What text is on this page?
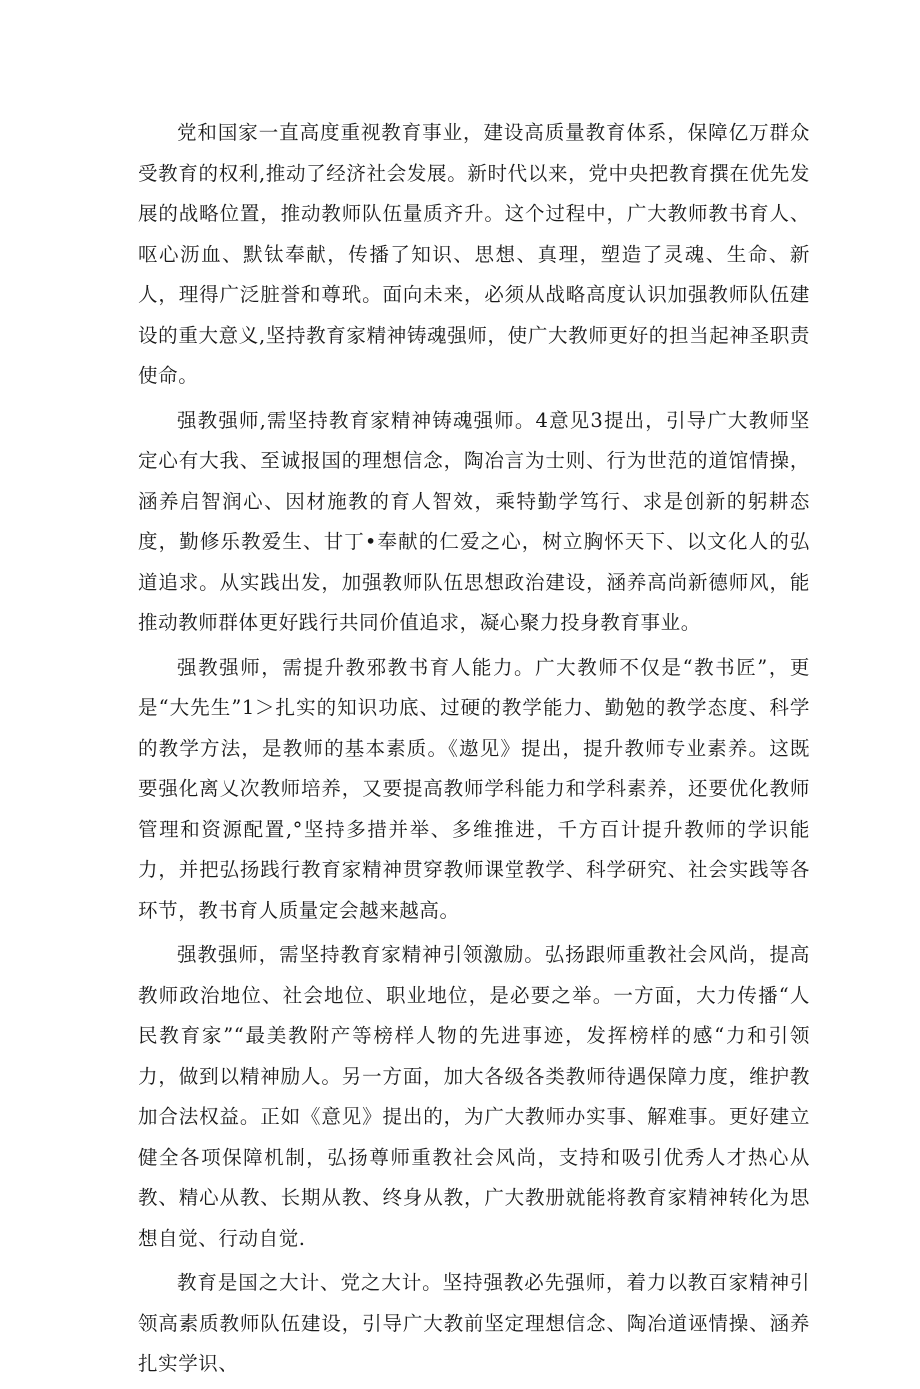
党和国家一直高度重视教育事业，建设高质量教育体系，保障亿万群众受教育的权利,推动了经济社会发展。新时代以来，党中央把教育撰在优先发展的战略位置，推动教师队伍量质齐升。这个过程中，广大教师教书育人、呕心沥血、默钛奉献，传播了知识、思想、真理，塑造了灵魂、生命、新人，理得广泛脏誉和尊玳。面向未来，必须从战略高度认识加强教师队伍建设的重大意义,坚持教育家精神铸魂强师，使广大教师更好的担当起神圣职责使命。

强教强师,需坚持教育家精神铸魂强师。4意见3提出，引导广大教师坚定心有大我、至诚报国的理想信念，陶冶言为士则、行为世范的道馆情操，涵养启智润心、因材施教的育人智效，乘特勤学笃行、求是创新的躬耕态度，勤修乐教爱生、甘丁•奉献的仁爱之心，树立胸怀天下、以文化人的弘道追求。从实践出发，加强教师队伍思想政治建设，涵养高尚新德师风，能推动教师群体更好践行共同价值追求，凝心聚力投身教育事业。

强教强师，需提升教邪教书育人能力。广大教师不仅是“教书匠”，更是“大先生”1＞扎实的知识功底、过硬的教学能力、勤勉的教学态度、科学的教学方法，是教师的基本素质。《遨见》提出，提升教师专业素养。这既要强化离乂次教师培养，又要提高教师学科能力和学科素养，还要优化教师管理和资源配置,°坚持多措并举、多维推进，千方百计提升教师的学识能力，并把弘扬践行教育家精神贯穿教师课堂教学、科学研究、社会实践等各环节，教书育人质量定会越来越高。

强教强师，需坚持教育家精神引领激励。弘扬跟师重教社会风尚，提高教师政治地位、社会地位、职业地位，是必要之举。一方面，大力传播“人民教育家”“最美教附产等榜样人物的先进事迹，发挥榜样的感“力和引领力，做到以精神励人。另一方面，加大各级各类教师待遇保障力度，维护教加合法权益。正如《意见》提出的，为广大教师办实事、解难事。更好建立健全各项保障机制，弘扬尊师重教社会风尚，支持和吸引优秀人才热心从教、精心从教、长期从教、终身从教，广大教册就能将教育家精神转化为思想自觉、行动自觉.

教育是国之大计、党之大计。坚持强教必先强师，着力以教百家精神引领高素质教师队伍建设，引导广大教前坚定理想信念、陶冶道诬情操、涵养扎实学识、
